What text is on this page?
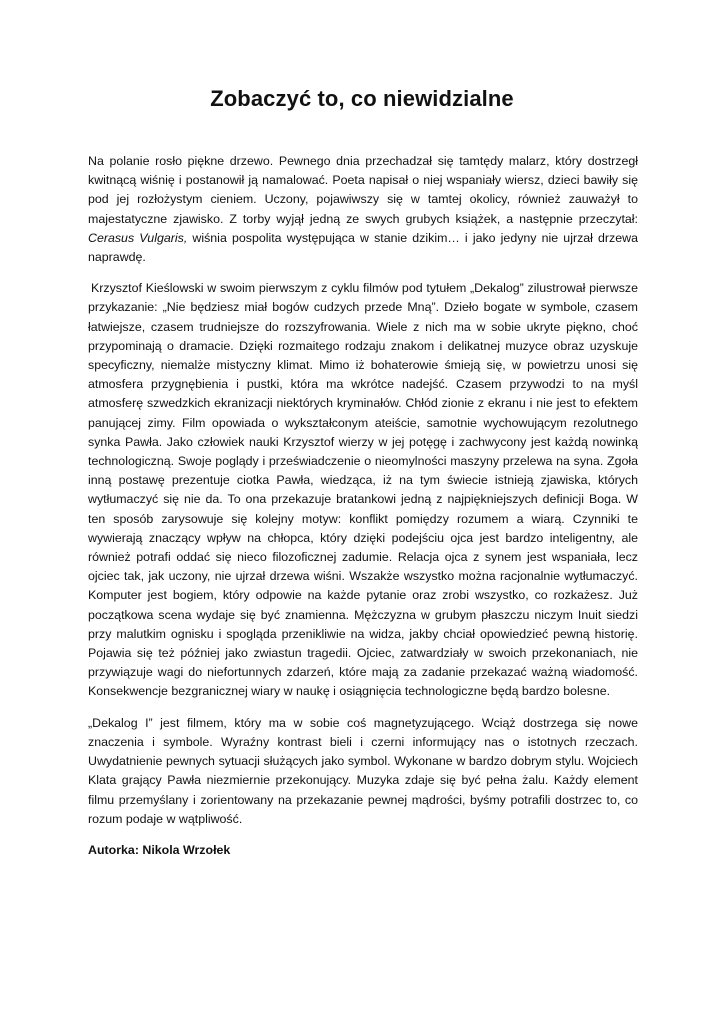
Zobaczyć to, co niewidzialne

Na polanie rosło piękne drzewo. Pewnego dnia przechadzał się tamtędy malarz, który dostrzegł kwitnącą wiśnię i postanowił ją namalować. Poeta napisał o niej wspaniały wiersz, dzieci bawiły się pod jej rozłożystym cieniem. Uczony, pojawiwszy się w tamtej okolicy, również zauważył to majestatyczne zjawisko. Z torby wyjął jedną ze swych grubych książek, a następnie przeczytał: Cerasus Vulgaris, wiśnia pospolita występująca w stanie dzikim… i jako jedyny nie ujrzał drzewa naprawdę.

Krzysztof Kieślowski w swoim pierwszym z cyklu filmów pod tytułem „Dekalog” zilustrował pierwsze przykazanie: „Nie będziesz miał bogów cudzych przede Mną”. Dzieło bogate w symbole, czasem łatwiejsze, czasem trudniejsze do rozszyfrowania. Wiele z nich ma w sobie ukryte piękno, choć przypominają o dramacie. Dzięki rozmaitego rodzaju znakom i delikatnej muzyce obraz uzyskuje specyficzny, niemalże mistyczny klimat. Mimo iż bohaterowie śmieją się, w powietrzu unosi się atmosfera przygnębienia i pustki, która ma wkrótce nadejść. Czasem przywodzi to na myśl atmosferę szwedzkich ekranizacji niektórych kryminałów. Chłód zionie z ekranu i nie jest to efektem panującej zimy. Film opowiada o wykształconym ateiście, samotnie wychowującym rezolutnego synka Pawła. Jako człowiek nauki Krzysztof wierzy w jej potęgę i zachwycony jest każdą nowinką technologiczną. Swoje poglądy i przeświadczenie o nieomylności maszyny przelewa na syna. Zgoła inną postawę prezentuje ciotka Pawła, wiedząca, iż na tym świecie istnieją zjawiska, których wytłumaczyć się nie da. To ona przekazuje bratankowi jedną z najpiękniejszych definicji Boga. W ten sposób zarysowuje się kolejny motyw: konflikt pomiędzy rozumem a wiarą. Czynniki te wywierają znaczący wpływ na chłopca, który dzięki podejściu ojca jest bardzo inteligentny, ale również potrafi oddać się nieco filozoficznej zadumie. Relacja ojca z synem jest wspaniała, lecz ojciec tak, jak uczony, nie ujrzał drzewa wiśni. Wszakże wszystko można racjonalnie wytłumaczyć. Komputer jest bogiem, który odpowie na każde pytanie oraz zrobi wszystko, co rozkażesz. Już początkowa scena wydaje się być znamienna. Mężczyzna w grubym płaszczu niczym Inuit siedzi przy malutkim ognisku i spogląda przenikliwie na widza, jakby chciał opowiedzieć pewną historię. Pojawia się też później jako zwiastun tragedii. Ojciec, zatwardziały w swoich przekonaniach, nie przywiązuje wagi do niefortunnych zdarzeń, które mają za zadanie przekazać ważną wiadomość. Konsekwencje bezgranicznej wiary w naukę i osiągnięcia technologiczne będą bardzo bolesne.

„Dekalog I” jest filmem, który ma w sobie coś magnetyzującego. Wciąż dostrzega się nowe znaczenia i symbole. Wyraźny kontrast bieli i czerni informujący nas o istotnych rzeczach. Uwydatnienie pewnych sytuacji służących jako symbol. Wykonane w bardzo dobrym stylu. Wojciech Klata grający Pawła niezmiernie przekonujący. Muzyka zdaje się być pełna żalu. Każdy element filmu przemyślany i zorientowany na przekazanie pewnej mądrości, byśmy potrafili dostrzec to, co rozum podaje w wątpliwość.

Autorka: Nikola Wrzołek
